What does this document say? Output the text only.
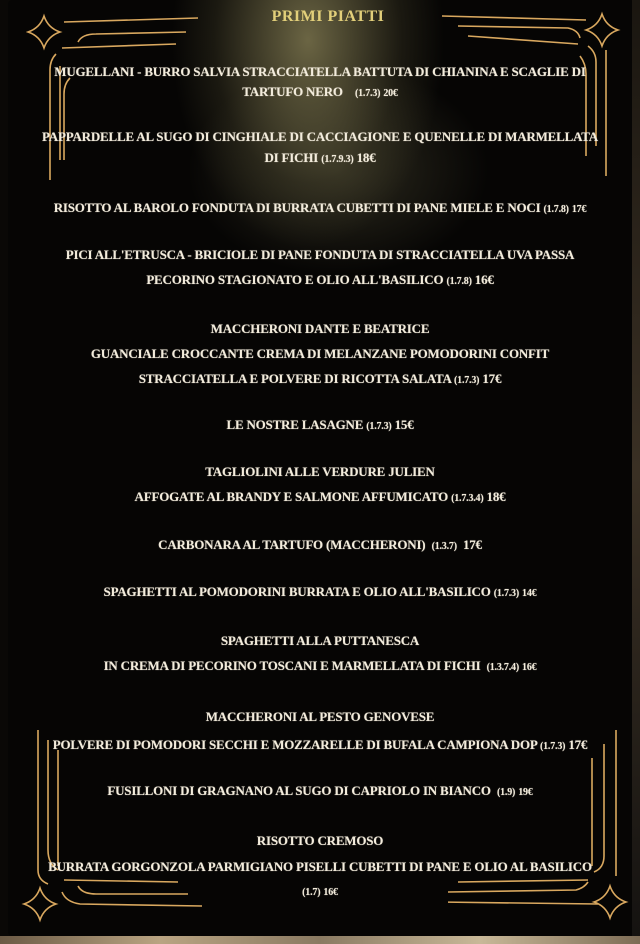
PRIMI PIATTI
MUGELLANI - BURRO SALVIA STRACCIATELLA BATTUTA DI CHIANINA E SCAGLIE DI
TARTUFO NERO (1.7.3) 20€
PAPPARDELLE AL SUGO DI CINGHIALE DI CACCIAGIONE E QUENELLE DI MARMELLATA
DI FICHI (1.7.9.3) 18€
RISOTTO AL BAROLO FONDUTA DI BURRATA CUBETTI DI PANE MIELE E NOCI (1.7.8) 17€
PICI ALL'ETRUSCA - BRICIOLE DI PANE FONDUTA DI STRACCIATELLA UVA PASSA
PECORINO STAGIONATO E OLIO ALL'BASILICO (1.7.8) 16€
MACCHERONI DANTE E BEATRICE
GUANCIALE CROCCANTE CREMA DI MELANZANE POMODORINI CONFIT
STRACCIATELLA E POLVERE DI RICOTTA SALATA (1.7.3) 17€
LE NOSTRE LASAGNE (1.7.3) 15€
TAGLIOLINI ALLE VERDURE JULIEN
AFFOGATE AL BRANDY E SALMONE AFFUMICATO (1.7.3.4) 18€
CARBONARA AL TARTUFO (MACCHERONI) (1.3.7) 17€
SPAGHETTI AL POMODORINI BURRATA E OLIO ALL'BASILICO (1.7.3) 14€
SPAGHETTI ALLA PUTTANESCA
IN CREMA DI PECORINO TOSCANI E MARMELLATA DI FICHI (1.3.7.4) 16€
MACCHERONI AL PESTO GENOVESE
POLVERE DI POMODORI SECCHI E MOZZARELLE DI BUFALA CAMPIONA DOP (1.7.3) 17€
FUSILLONI DI GRAGNANO AL SUGO DI CAPRIOLO IN BIANCO (1.9) 19€
RISOTTO CREMOSO
BURRATA GORGONZOLA PARMIGIANO PISELLI CUBETTI DI PANE E OLIO AL BASILICO
(1.7) 16€
